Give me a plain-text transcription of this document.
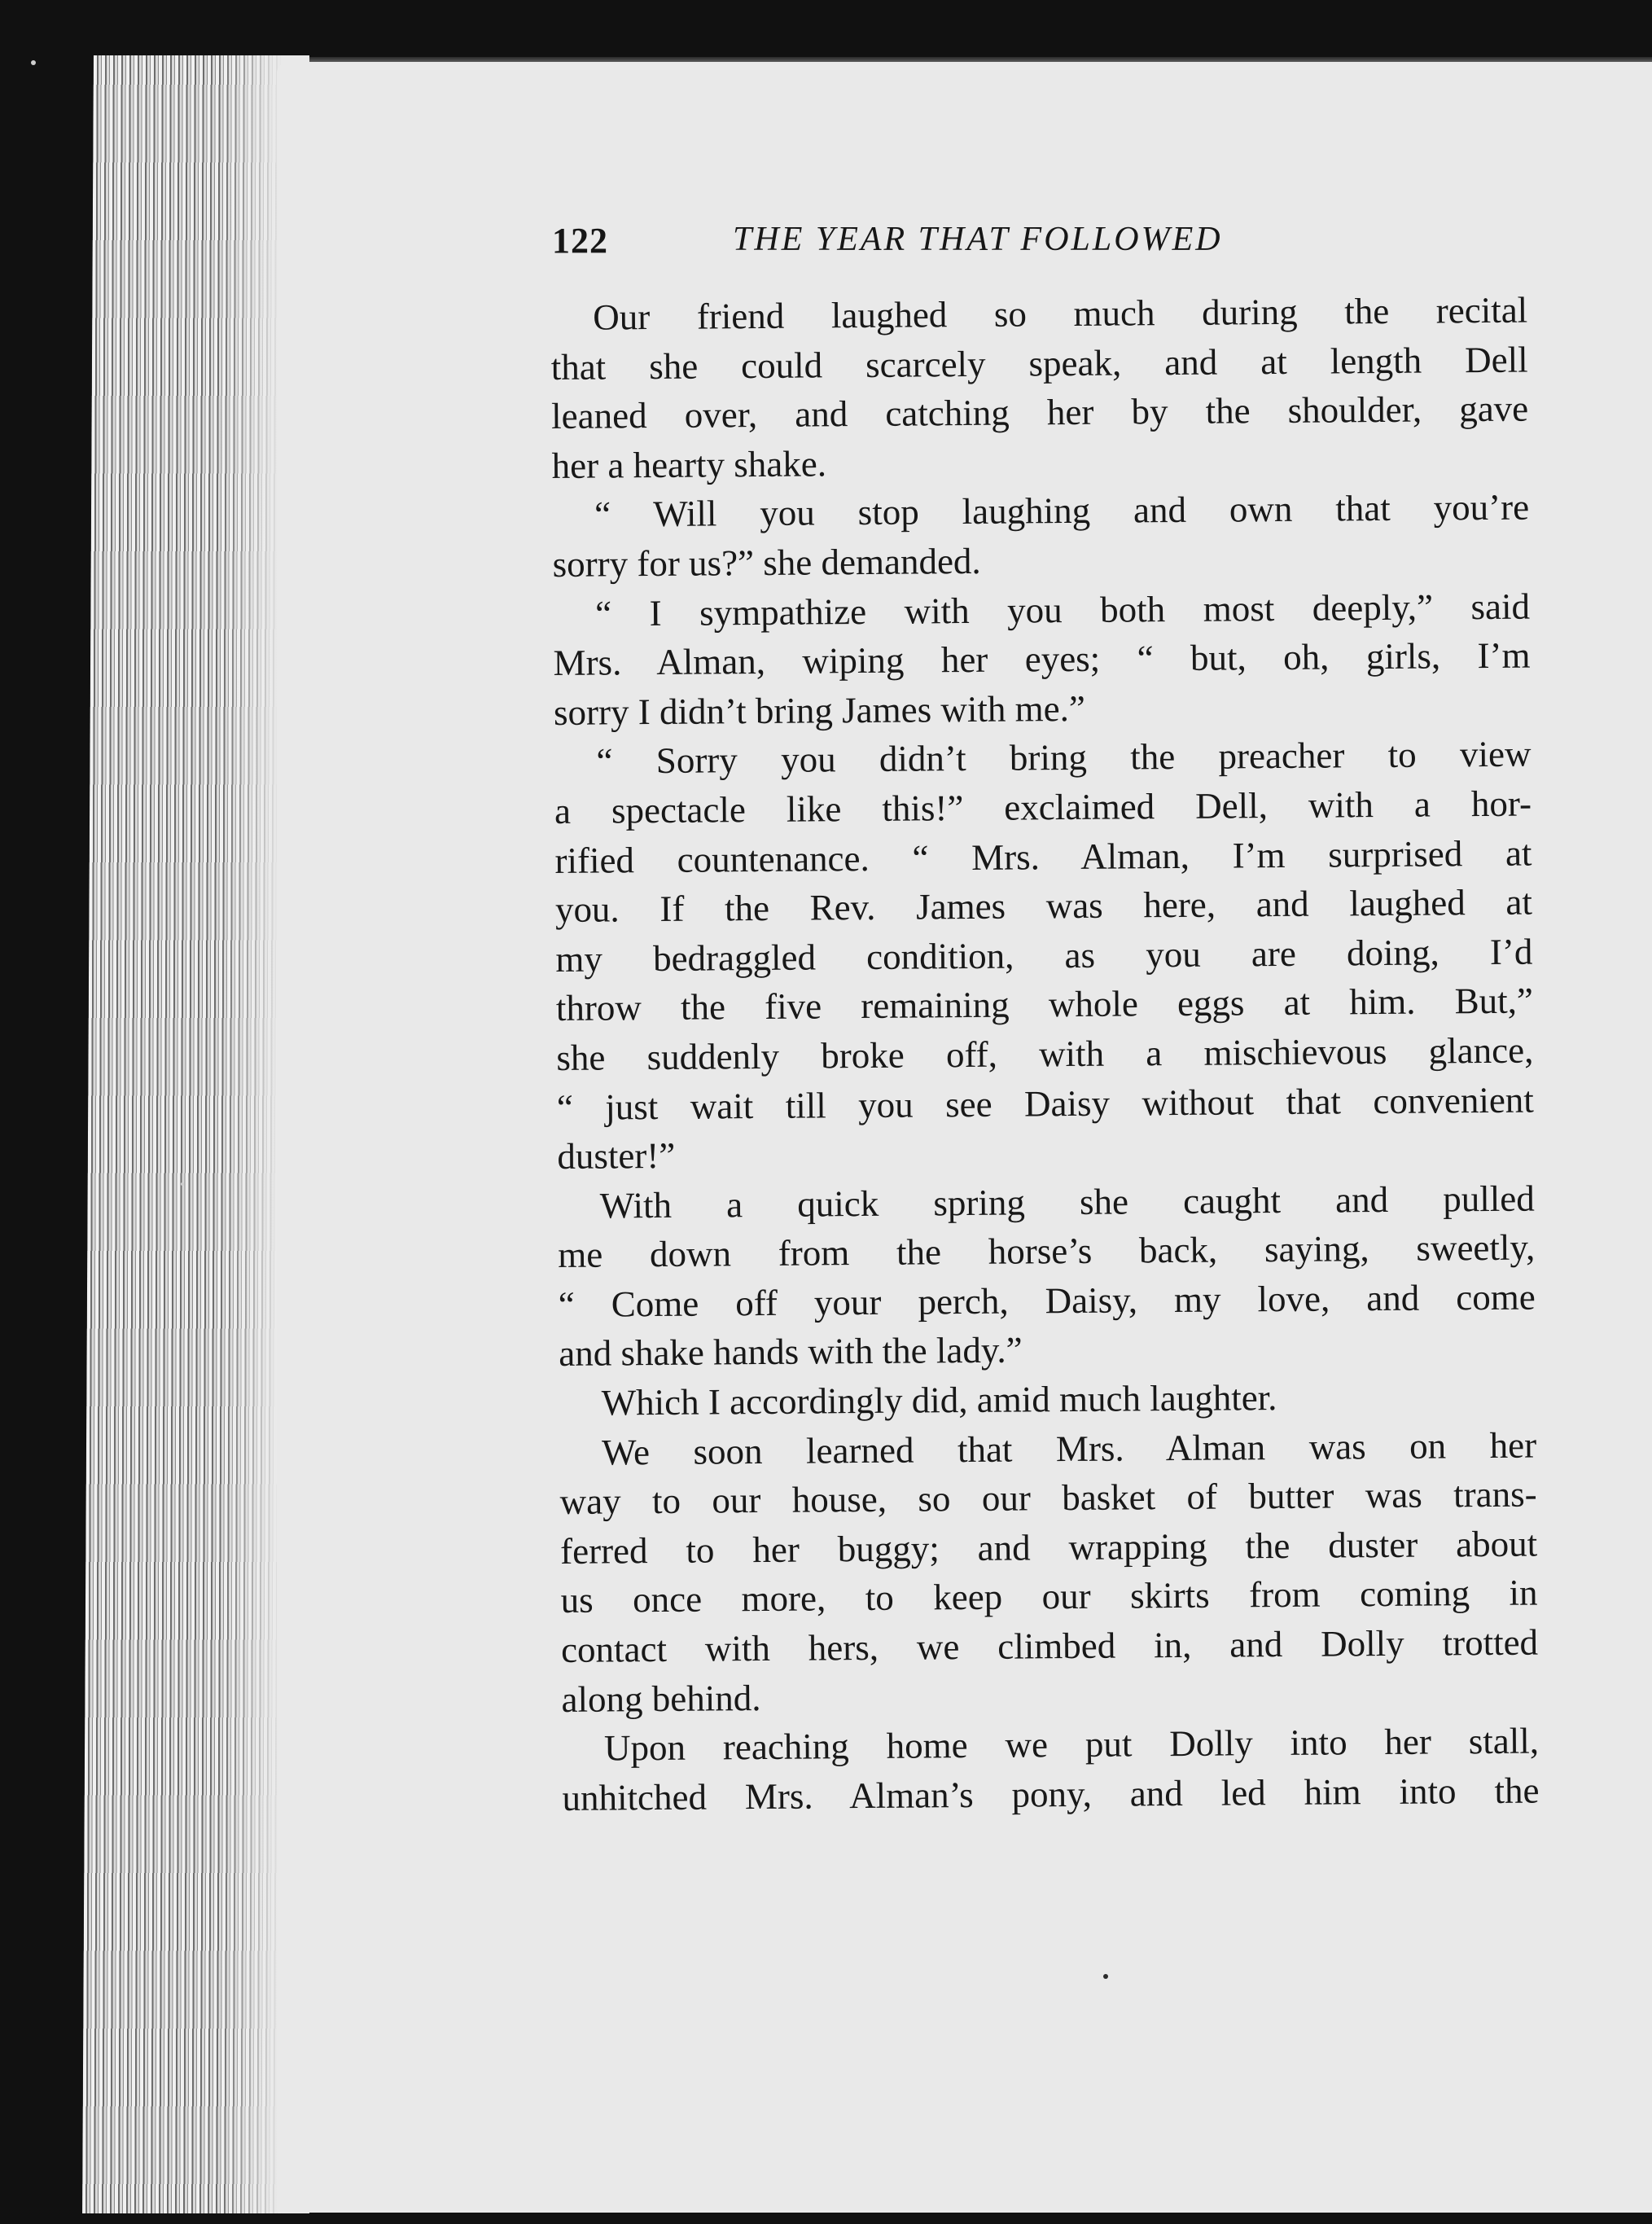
122	THE YEAR THAT FOLLOWED
Our friend laughed so much during the recital
that she could scarcely speak, and at length Dell
leaned over, and catching her by the shoulder, gave
her a hearty shake.
“ Will you stop laughing and own that you’re
sorry for us?” she demanded.
“ I sympathize with you both most deeply,” said
Mrs. Alman, wiping her eyes; “ but, oh, girls, I’m
sorry I didn’t bring James with me.”
“ Sorry you didn’t bring the preacher to view
a spectacle like this!” exclaimed Dell, with a hor-
rified countenance. “ Mrs. Alman, I’m surprised at
you. If the Rev. James was here, and laughed at
my bedraggled condition, as you are doing, I’d
throw the five remaining whole eggs at him. But,”
she suddenly broke off, with a mischievous glance,
“ just wait till you see Daisy without that convenient
duster!”
With a quick spring she caught and pulled
me down from the horse’s back, saying, sweetly,
“ Come off your perch, Daisy, my love, and come
and shake hands with the lady.”
Which I accordingly did, amid much laughter.
We soon learned that Mrs. Alman was on her
way to our house, so our basket of butter was trans-
ferred to her buggy; and wrapping the duster about
us once more, to keep our skirts from coming in
contact with hers, we climbed in, and Dolly trotted
along behind.
Upon reaching home we put Dolly into her stall,
unhitched Mrs. Alman’s pony, and led him into the
